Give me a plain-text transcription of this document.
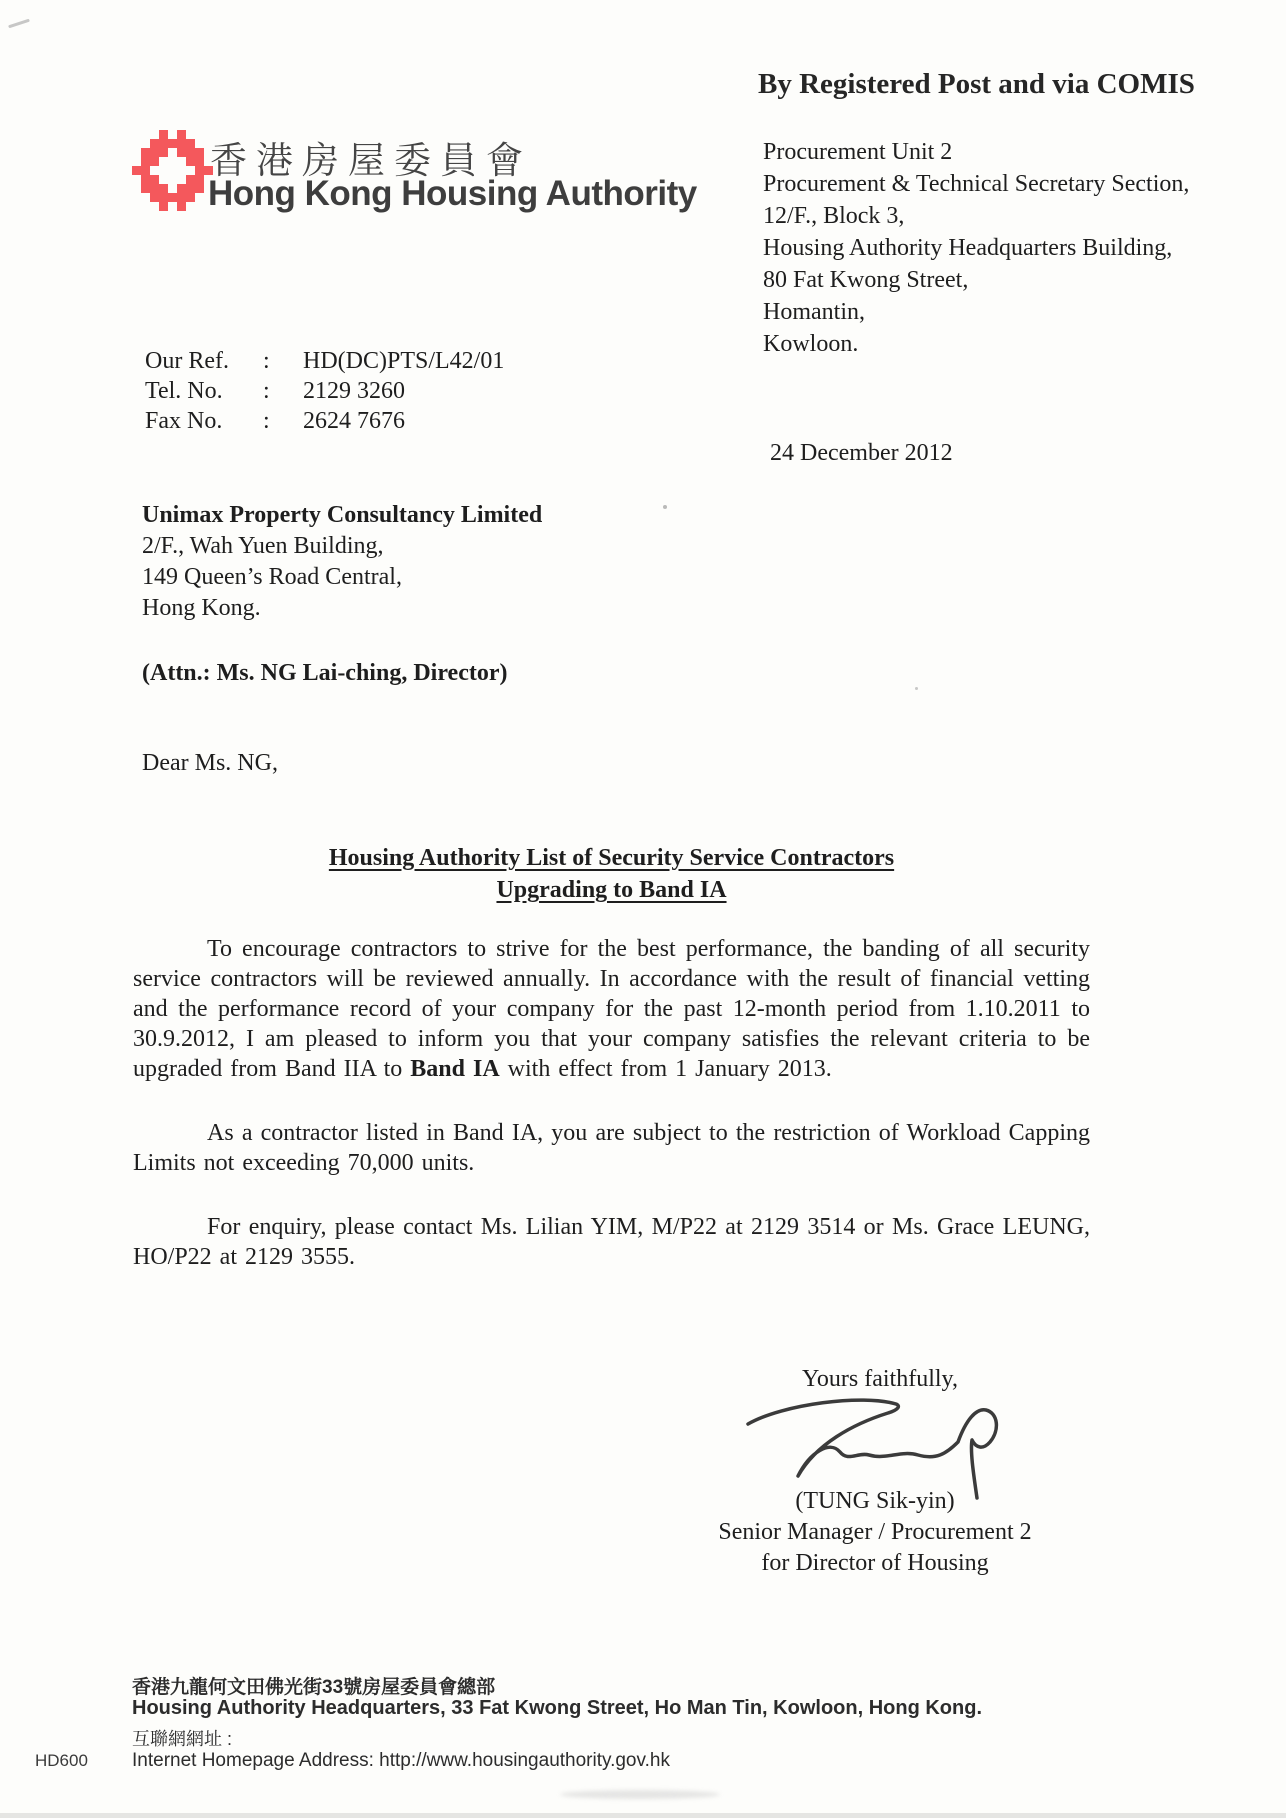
香港房屋委員會
Hong Kong Housing Authority
By Registered Post and via COMIS
Procurement Unit 2
Procurement & Technical Secretary Section,
12/F., Block 3,
Housing Authority Headquarters Building,
80 Fat Kwong Street,
Homantin,
Kowloon.
Our Ref.	:	HD(DC)PTS/L42/01
Tel. No.	:	2129 3260
Fax No.	:	2624 7676
24 December 2012
Unimax Property Consultancy Limited
2/F., Wah Yuen Building,
149 Queen’s Road Central,
Hong Kong.
(Attn.: Ms. NG Lai-ching, Director)
Dear Ms. NG,
Housing Authority List of Security Service Contractors
Upgrading to Band IA

To encourage contractors to strive for the best performance, the banding of all security service contractors will be reviewed annually. In accordance with the result of financial vetting and the performance record of your company for the past 12-month period from 1.10.2011 to 30.9.2012, I am pleased to inform you that your company satisfies the relevant criteria to be upgraded from Band IIA to Band IA with effect from 1 January 2013.

As a contractor listed in Band IA, you are subject to the restriction of Workload Capping Limits not exceeding 70,000 units.

For enquiry, please contact Ms. Lilian YIM, M/P22 at 2129 3514 or Ms. Grace LEUNG, HO/P22 at 2129 3555.

Yours faithfully,
(TUNG Sik-yin)
Senior Manager / Procurement 2
for Director of Housing
香港九龍何文田佛光街33號房屋委員會總部
Housing Authority Headquarters, 33 Fat Kwong Street, Ho Man Tin, Kowloon, Hong Kong.
互聯網網址 :
Internet Homepage Address: http://www.housingauthority.gov.hk
HD600
